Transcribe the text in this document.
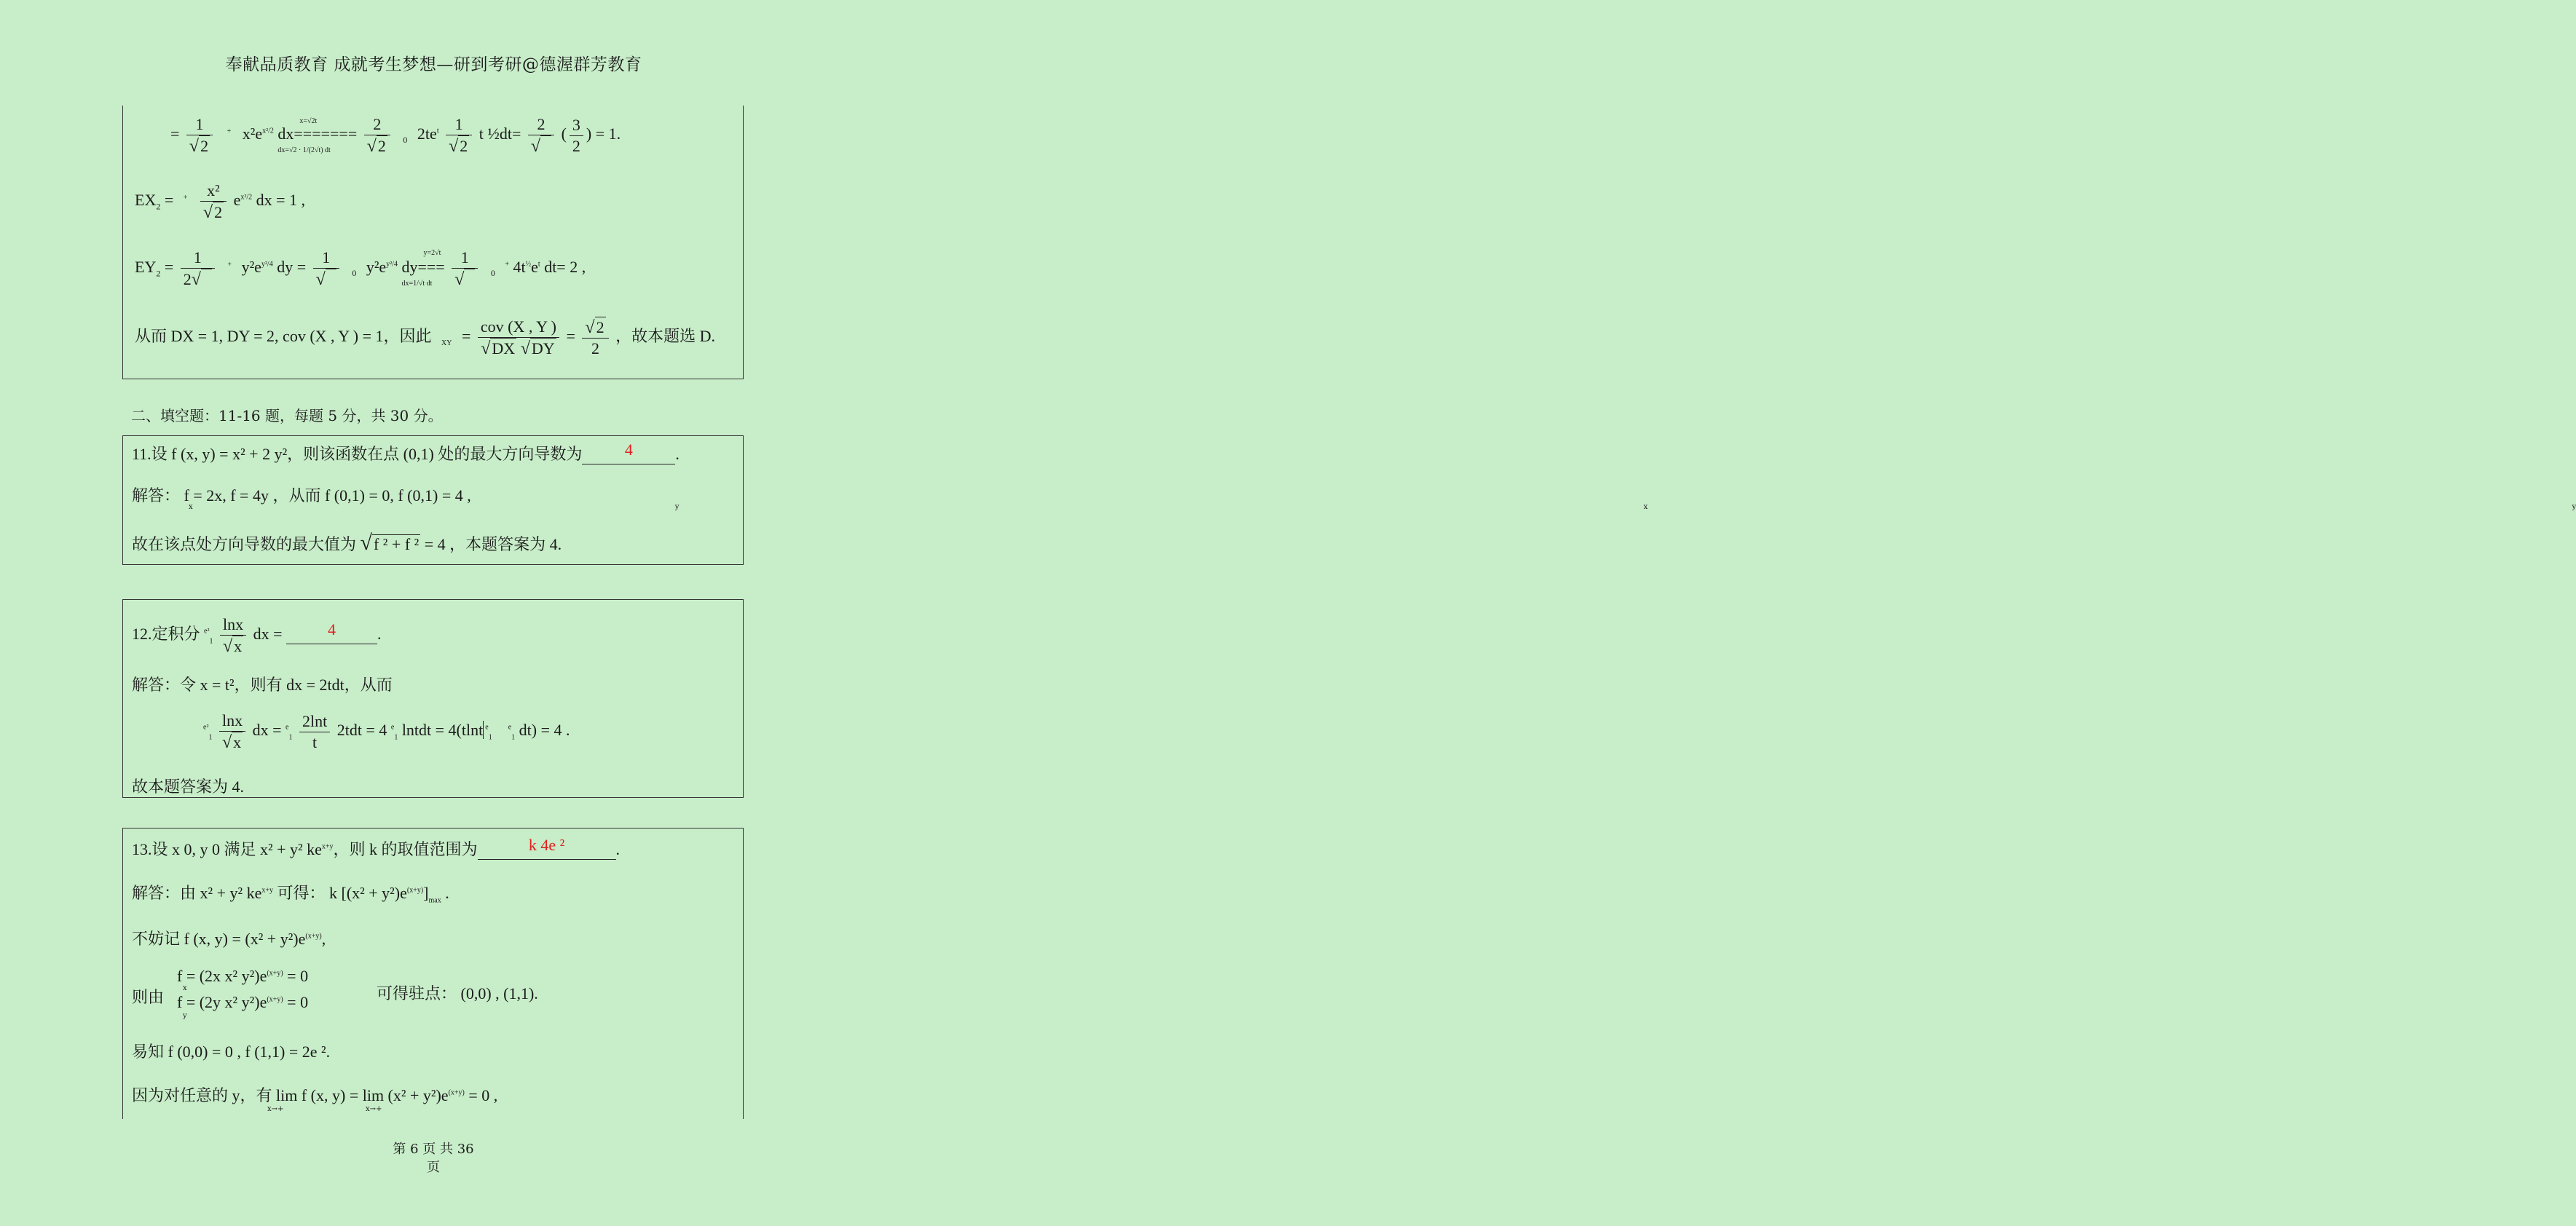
奉献品质教育 成就考生梦想—研到考研@德渥群芳教育
= $\frac{1}{√2} ^+$ $x^2e^{x^2/2}$ dx=======
x=√2t
dx=√2 · 1/(2√t) dt
$\frac{2}{√2} _0$ $2te^t \frac{1}{√2}$ t ½dt= $\frac{2}{√}$ ( $\frac{3}{2}$ ) = 1.
$EX_2 = ^+ \frac{\text{x²}}{√2} e^{x^2/2}$ dx = 1 ,
$EY_2 = \frac{1}{2√} ^+$ $y^2e^{y^2/4}$ dy = $\frac{1}{√} _0$ $y^2e^{y^2/4}$ dy===
y=2√t
dx=1/√t dt
$\frac{1}{√} _0$ + $4t^{\frac{1}{2}}e^t$ dt= 2 ,
从而 DX = 1, DY = 2, cov (X , Y ) = 1，因此 $_{XY} = \frac{\text{cov (X , Y )}}{√DX √DY} = \frac{√2}{2}$ ，故本题选 D.
二、填空题：11-16 题，每题 5 分，共 30 分。
11.设 f (x, y) = x² + 2 y²，则该函数在点 (0,1) 处的最大方向导数为	4	.
解答： f = 2x, f = 4y ，从而 f (0,1) = 0, f (0,1) = 4 ,
x	y	x	y
故在该点处方向导数的最大值为 √f ² + f ² = 4 ，本题答案为 4.
12.定积分 $^{e^2}_1 \frac{\ln x}{√x}$ dx =	4	.
解答：令 x = t²，则有 dx = 2tdt，从而
$^{e^2}_1 \frac{\ln x}{√x}$ dx = $^e_1 \frac{2\ln t}{t} 2tdt = 4$ $^e_1$ lntdt = 4(tlnt $^e_1$    $^e_1$ dt) = 4 .
故本题答案为 4.
13.设 x 0, y 0 满足 x² + y² $ke^{x+y}$，则 k 的取值范围为	k 4e ²	.
解答：由 x² + y² $ke^{x+y}$ 可得： k $[(x^2 + y^2)e^{(x+y)}]_{max}$ .
不妨记 f (x, $y) = (x^2 + y^2)e^{(x+y)}$,
则由
f = (2x x² $y^2)e^{(x+y)} = 0$
x
f = (2y x² $y^2)e^{(x+y)} = 0$
y
可得驻点： (0,0) , (1,1).
易知 f (0,0) = 0 , f (1,1) = 2e ².
因为对任意的 y，有 lim f (x, $y) = \lim (x^2 + y^2)e^{(x+y)} = 0$ ,
x→+	x→+
第 6 页 共 36
页
